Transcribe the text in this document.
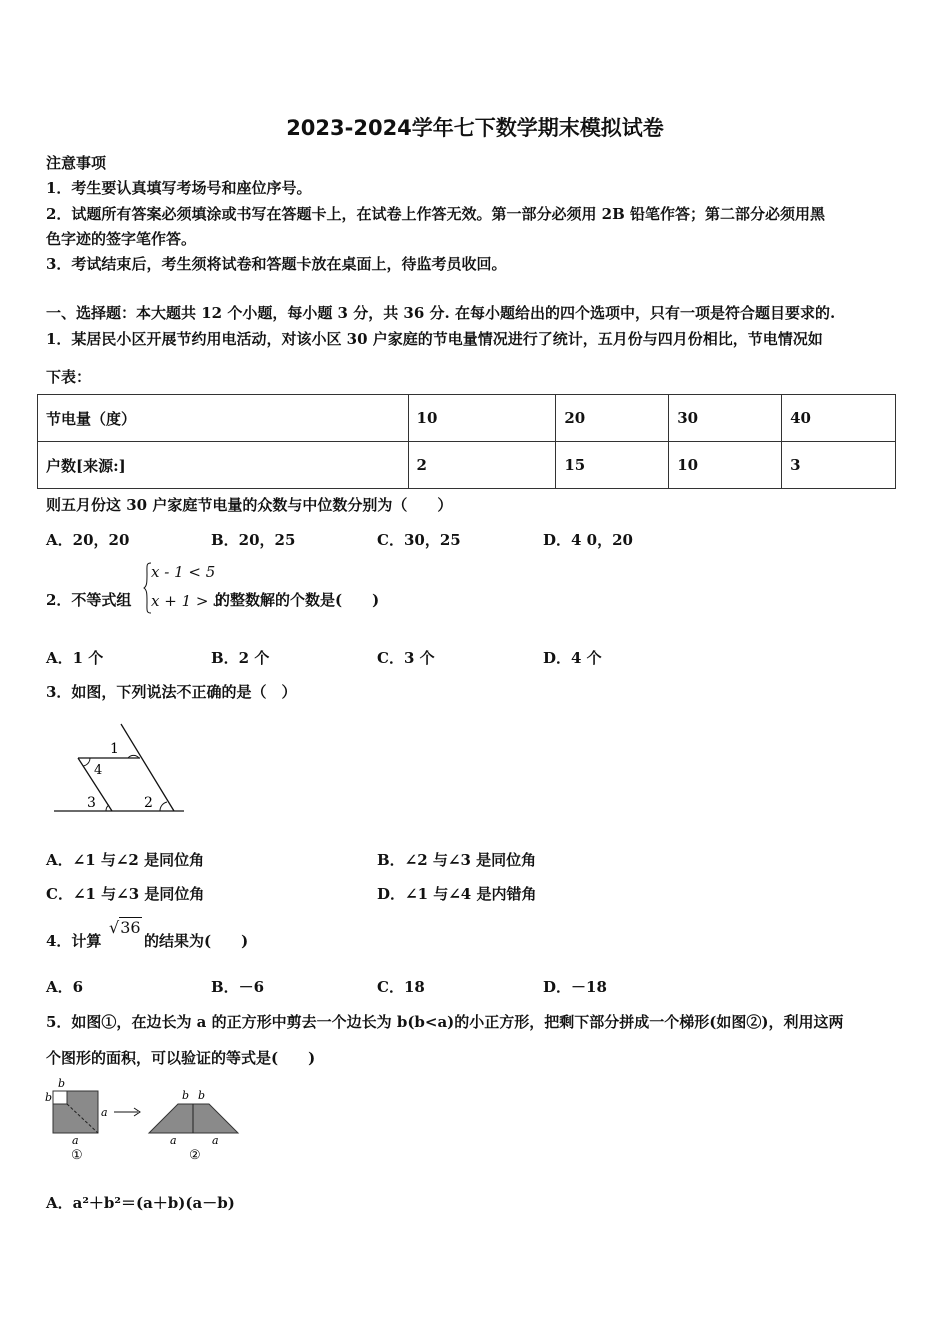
2023-2024学年七下数学期末模拟试卷
注意事项
1．考生要认真填写考场号和座位序号。
2．试题所有答案必须填涂或书写在答题卡上，在试卷上作答无效。第一部分必须用 2B 铅笔作答；第二部分必须用黑
色字迹的签字笔作答。
3．考试结束后，考生须将试卷和答题卡放在桌面上，待监考员收回。
一、选择题：本大题共 12 个小题，每小题 3 分，共 36 分. 在每小题给出的四个选项中，只有一项是符合题目要求的.
1．某居民小区开展节约用电活动，对该小区 30 户家庭的节电量情况进行了统计，五月份与四月份相比，节电情况如
下表：
节电量（度）	10	20	30	40
户数[来源:]	2	15	10	3
则五月份这 30 户家庭节电量的众数与中位数分别为（　　）
A．20，20	B．20，25	C．30，25	D．4 0，20
2．不等式组
x - 1 < 5
x + 1 > 3
的整数解的个数是(　　)
A．1 个	B．2 个	C．3 个	D．4 个
3．如图，下列说法不正确的是（　）
1
4
3	2
A．∠1 与∠2 是同位角	B．∠2 与∠3 是同位角
C．∠1 与∠3 是同位角	D．∠1 与∠4 是内错角
4．计算
√36
的结果为(　　)
A．6	B．－6	C．18	D．－18
5．如图①，在边长为 a 的正方形中剪去一个边长为 b(b<a)的小正方形，把剩下部分拼成一个梯形(如图②)，利用这两
个图形的面积，可以验证的等式是(　　)
b
b
a
a
①
b b
a	a
②
A．a²＋b²＝(a＋b)(a－b)
